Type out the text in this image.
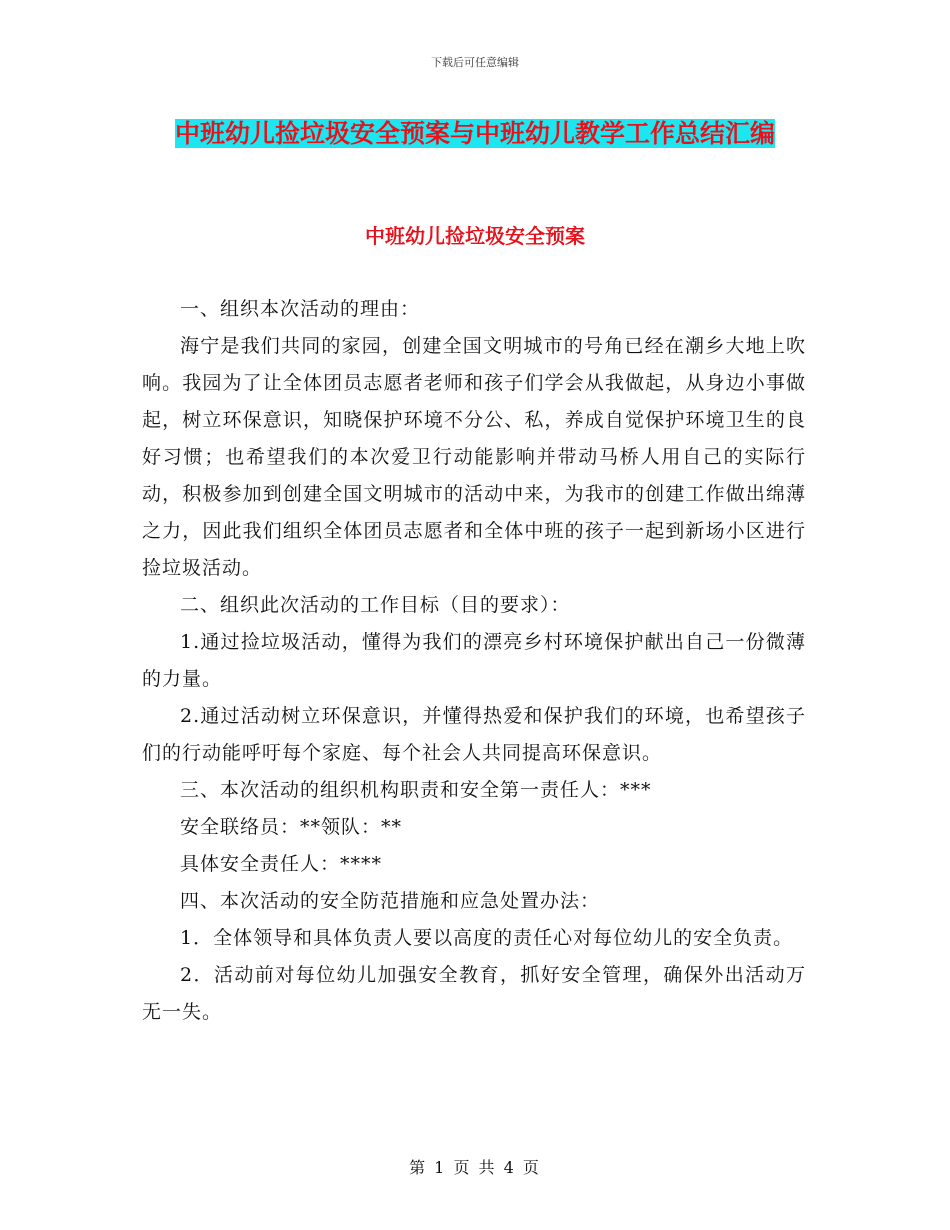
下载后可任意编辑
中班幼儿捡垃圾安全预案与中班幼儿教学工作总结汇编
中班幼儿捡垃圾安全预案

一、组织本次活动的理由：

海宁是我们共同的家园，创建全国文明城市的号角已经在潮乡大地上吹响。我园为了让全体团员志愿者老师和孩子们学会从我做起，从身边小事做起，树立环保意识，知晓保护环境不分公、私，养成自觉保护环境卫生的良好习惯；也希望我们的本次爱卫行动能影响并带动马桥人用自己的实际行动，积极参加到创建全国文明城市的活动中来，为我市的创建工作做出绵薄之力，因此我们组织全体团员志愿者和全体中班的孩子一起到新场小区进行捡垃圾活动。

二、组织此次活动的工作目标（目的要求）：

1.通过捡垃圾活动，懂得为我们的漂亮乡村环境保护献出自己一份微薄的力量。

2.通过活动树立环保意识，并懂得热爱和保护我们的环境，也希望孩子们的行动能呼吁每个家庭、每个社会人共同提高环保意识。

三、本次活动的组织机构职责和安全第一责任人：***

安全联络员：**领队：**

具体安全责任人：****

四、本次活动的安全防范措施和应急处置办法：

1．全体领导和具体负责人要以高度的责任心对每位幼儿的安全负责。

2．活动前对每位幼儿加强安全教育，抓好安全管理，确保外出活动万无一失。

第 1 页 共 4 页
